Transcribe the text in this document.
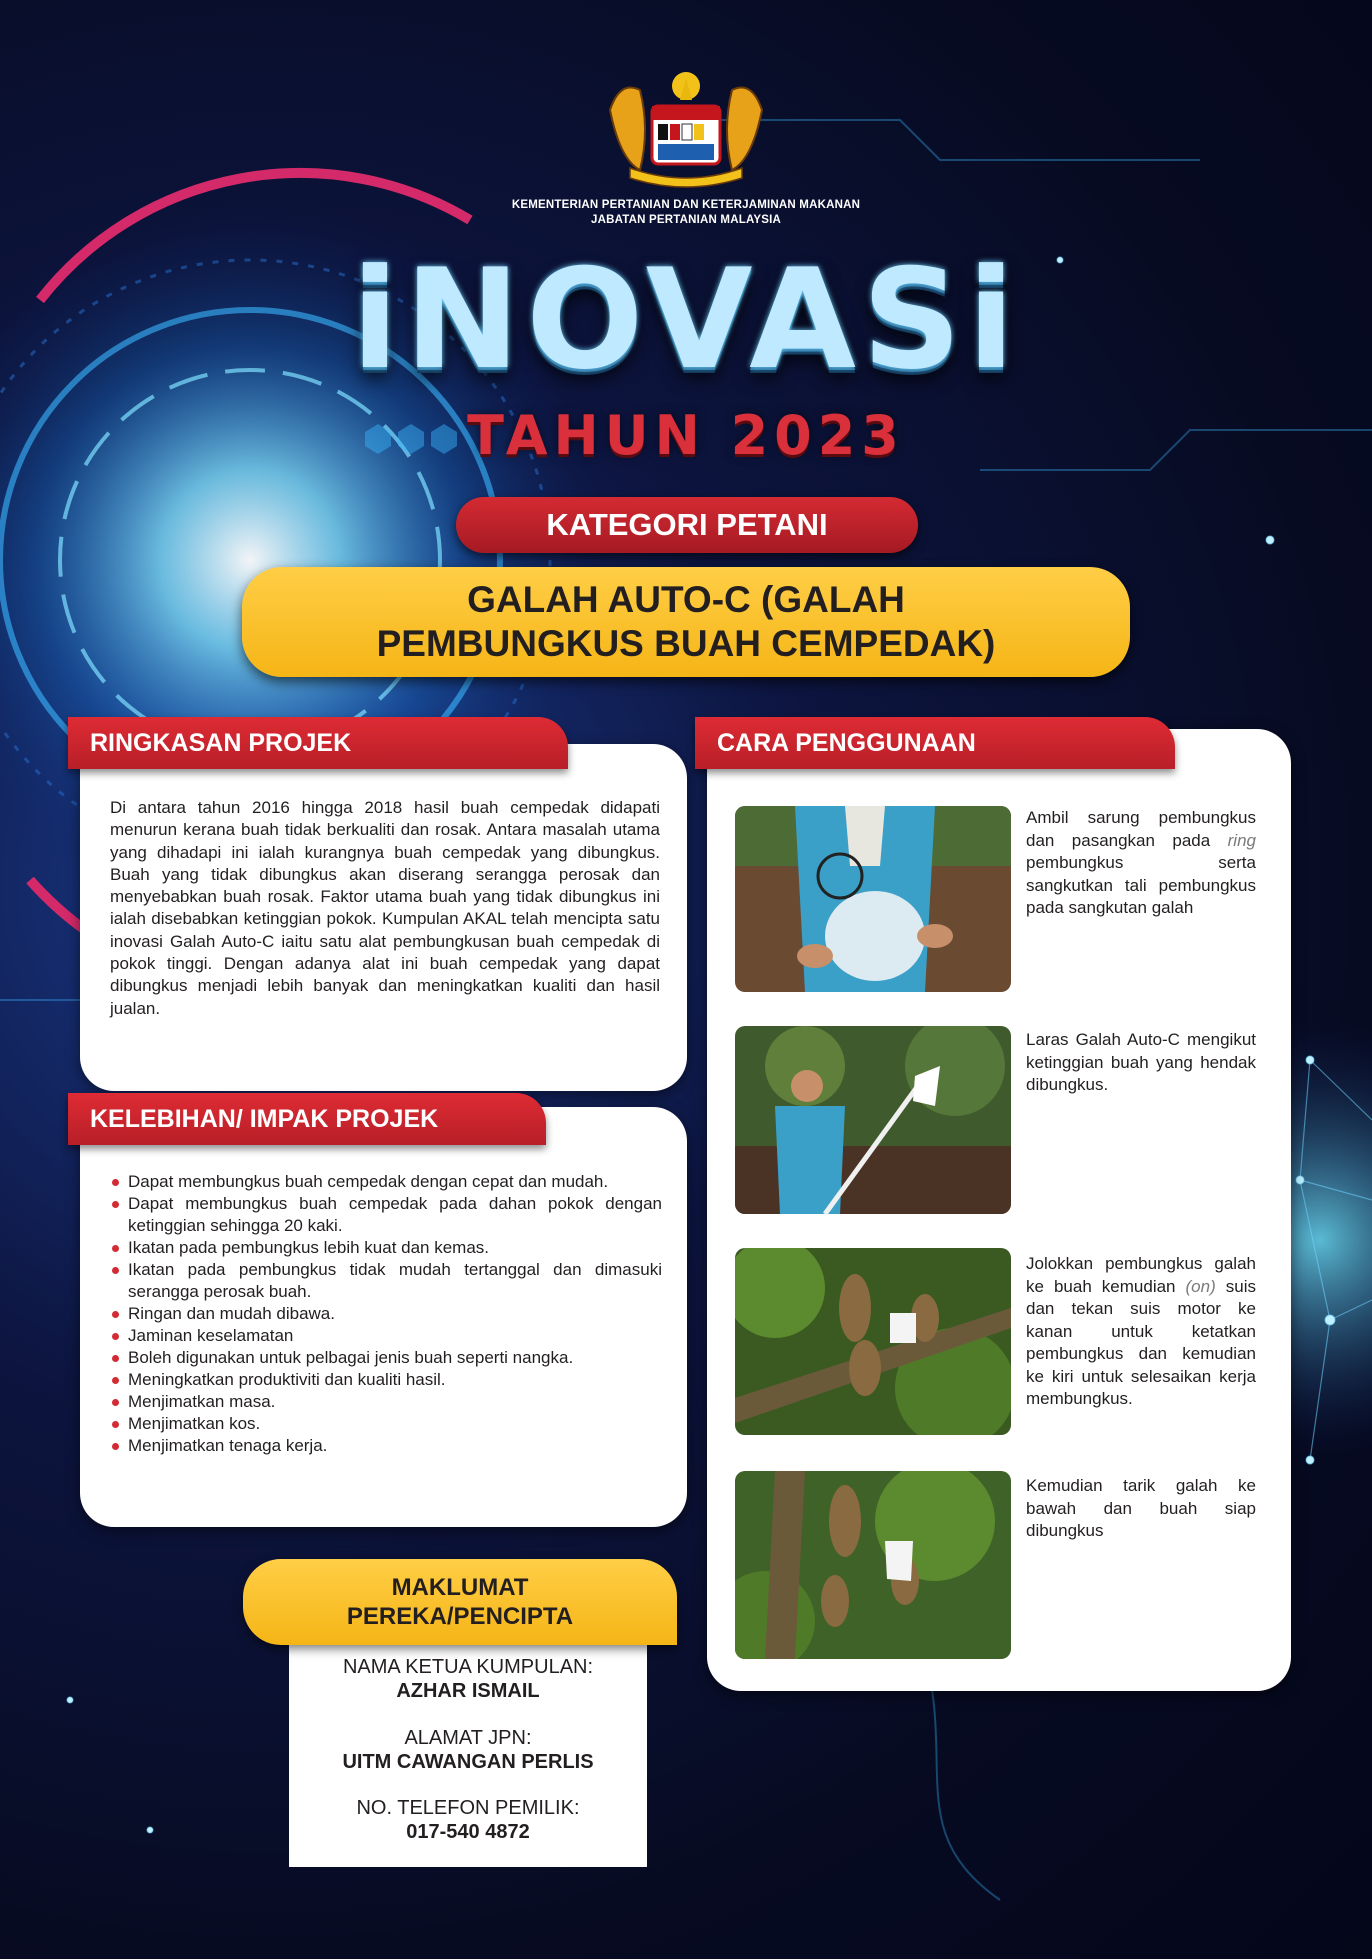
KEMENTERIAN PERTANIAN DAN KETERJAMINAN MAKANAN
JABATAN PERTANIAN MALAYSIA
iNOVASi
TAHUN 2023
KATEGORI PETANI
GALAH AUTO-C (GALAH
PEMBUNGKUS BUAH CEMPEDAK)
RINGKASAN PROJEK
Di antara tahun 2016 hingga 2018 hasil buah cempedak didapati menurun kerana buah tidak berkualiti dan rosak. Antara masalah utama yang dihadapi ini ialah kurangnya buah cempedak yang dibungkus. Buah yang tidak dibungkus akan diserang serangga perosak dan menyebabkan buah rosak. Faktor utama buah yang tidak dibungkus ini ialah disebabkan ketinggian pokok. Kumpulan AKAL telah mencipta satu inovasi Galah Auto-C iaitu satu alat pembungkusan buah cempedak di pokok tinggi. Dengan adanya alat ini buah cempedak yang dapat dibungkus menjadi lebih banyak dan meningkatkan kualiti dan hasil jualan.
KELEBIHAN/ IMPAK PROJEK
Dapat membungkus buah cempedak dengan cepat dan mudah.
Dapat membungkus buah cempedak pada dahan pokok dengan ketinggian sehingga 20 kaki.
Ikatan pada pembungkus lebih kuat dan kemas.
Ikatan pada pembungkus tidak mudah tertanggal dan dimasuki serangga perosak buah.
Ringan dan mudah dibawa.
Jaminan keselamatan
Boleh digunakan untuk pelbagai jenis buah seperti nangka.
Meningkatkan produktiviti dan kualiti hasil.
Menjimatkan masa.
Menjimatkan kos.
Menjimatkan tenaga kerja.
CARA PENGGUNAAN
Ambil sarung pembungkus dan pasangkan pada ring pembungkus serta sangkutkan tali pembungkus pada sangkutan galah
Laras Galah Auto-C mengikut ketinggian buah yang hendak dibungkus.
Jolokkan pembungkus galah ke buah kemudian (on) suis dan tekan suis motor ke kanan untuk ketatkan pembungkus dan kemudian ke kiri untuk selesaikan kerja membungkus.
Kemudian tarik galah ke bawah dan buah siap dibungkus
MAKLUMAT
PEREKA/PENCIPTA
NAMA KETUA KUMPULAN:
AZHAR ISMAIL
ALAMAT JPN:
UITM CAWANGAN PERLIS
NO. TELEFON PEMILIK:
017-540 4872
